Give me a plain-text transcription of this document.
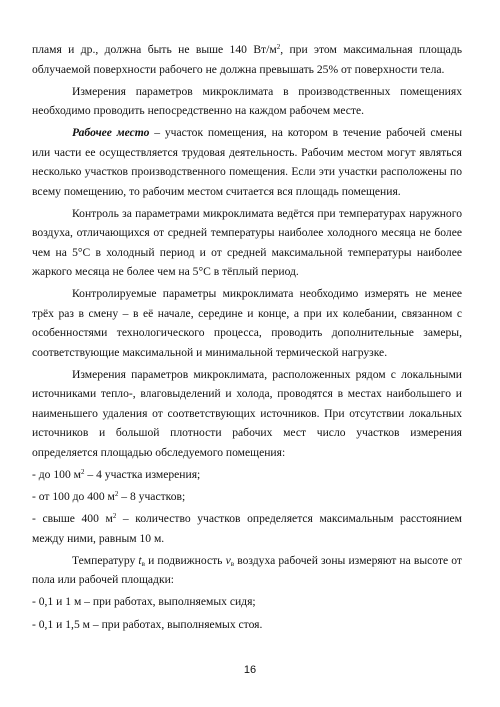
пламя и др., должна быть не выше 140 $Вт/м^2$, при этом максимальная площадь облучаемой поверхности рабочего не должна превышать 25% от поверхности тела.

Измерения параметров микроклимата в производственных помещениях необходимо проводить непосредственно на каждом рабочем месте.

Рабочее место – участок помещения, на котором в течение рабочей смены или части ее осуществляется трудовая деятельность. Рабочим местом могут являться несколько участков производственного помещения. Если эти участки расположены по всему помещению, то рабочим местом считается вся площадь помещения.

Контроль за параметрами микроклимата ведётся при температурах наружного воздуха, отличающихся от средней температуры наиболее холодного месяца не более чем на 5°С в холодный период и от средней максимальной температуры наиболее жаркого месяца не более чем на 5°С в тёплый период.

Контролируемые параметры микроклимата необходимо измерять не менее трёх раз в смену – в её начале, середине и конце, а при их колебании, связанном с особенностями технологического процесса, проводить дополнительные замеры, соответствующие максимальной и минимальной термической нагрузке.

Измерения параметров микроклимата, расположенных рядом с локальными источниками тепло-, влаговыделений и холода, проводятся в местах наибольшего и наименьшего удаления от соответствующих источников. При отсутствии локальных источников и большой плотности рабочих мест число участков измерения определяется площадью обследуемого помещения:

- до 100 $м^2 - 4$ участка измерения;

- от 100 до 400 $м^2 - 8$ участков;

- свыше 400 $м^2$ – количество участков определяется максимальным расстоянием между ними, равным 10 м.

Температуру $t_в$ и подвижность $v_в$ воздуха рабочей зоны измеряют на высоте от пола или рабочей площадки:

- 0,1 и 1 м – при работах, выполняемых сидя;

- 0,1 и 1,5 м – при работах, выполняемых стоя.

16
